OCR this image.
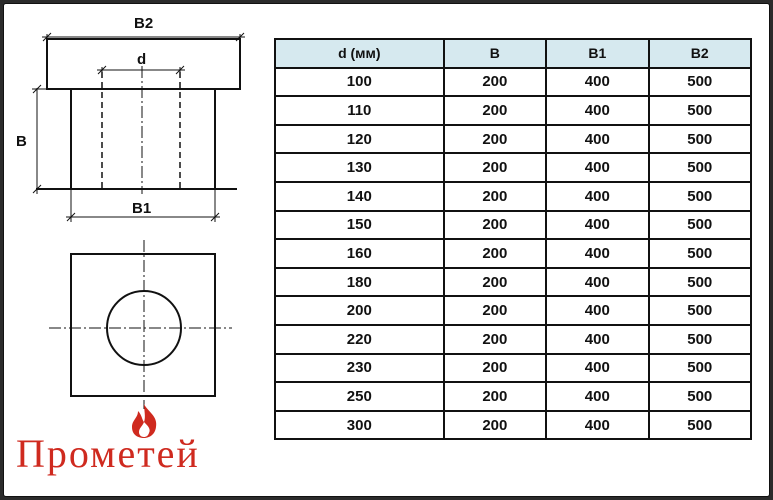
B2
d
B
B1
Прометей
d (мм)	B	B1	B2
100	200	400	500
110	200	400	500
120	200	400	500
130	200	400	500
140	200	400	500
150	200	400	500
160	200	400	500
180	200	400	500
200	200	400	500
220	200	400	500
230	200	400	500
250	200	400	500
300	200	400	500
